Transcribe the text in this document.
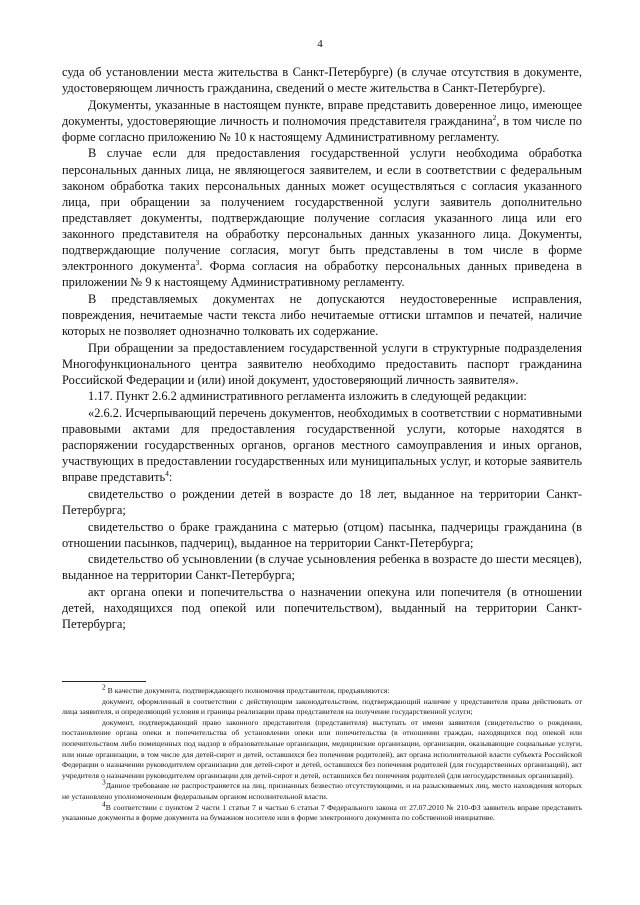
4

суда об установлении места жительства в Санкт-Петербурге) (в случае отсутствия в документе, удостоверяющем личность гражданина, сведений о месте жительства в Санкт-Петербурге).

Документы, указанные в настоящем пункте, вправе представить доверенное лицо, имеющее документы, удостоверяющие личность и полномочия представителя гражданина$^2$, в том числе по форме согласно приложению № 10 к настоящему Административному регламенту.

В случае если для предоставления государственной услуги необходима обработка персональных данных лица, не являющегося заявителем, и если в соответствии с федеральным законом обработка таких персональных данных может осуществляться с согласия указанного лица, при обращении за получением государственной услуги заявитель дополнительно представляет документы, подтверждающие получение согласия указанного лица или его законного представителя на обработку персональных данных указанного лица. Документы, подтверждающие получение согласия, могут быть представлены в том числе в форме электронного документа$^3$. Форма согласия на обработку персональных данных приведена в приложении № 9 к настоящему Административному регламенту.

В представляемых документах не допускаются неудостоверенные исправления, повреждения, нечитаемые части текста либо нечитаемые оттиски штампов и печатей, наличие которых не позволяет однозначно толковать их содержание.

При обращении за предоставлением государственной услуги в структурные подразделения Многофункционального центра заявителю необходимо предоставить паспорт гражданина Российской Федерации и (или) иной документ, удостоверяющий личность заявителя».

1.17. Пункт 2.6.2 административного регламента изложить в следующей редакции:

«2.6.2. Исчерпывающий перечень документов, необходимых в соответствии с нормативными правовыми актами для предоставления государственной услуги, которые находятся в распоряжении государственных органов, органов местного самоуправления и иных органов, участвующих в предоставлении государственных или муниципальных услуг, и которые заявитель вправе представить$^4$:

свидетельство о рождении детей в возрасте до 18 лет, выданное на территории Санкт-Петербурга;

свидетельство о браке гражданина с матерью (отцом) пасынка, падчерицы гражданина (в отношении пасынков, падчериц), выданное на территории Санкт-Петербурга;

свидетельство об усыновлении (в случае усыновления ребенка в возрасте до шести месяцев), выданное на территории Санкт-Петербурга;

акт органа опеки и попечительства о назначении опекуна или попечителя (в отношении детей, находящихся под опекой или попечительством), выданный на территории Санкт-Петербурга;

$^2$ В качестве документа, подтверждающего полномочия представителя, предъявляются:

документ, оформленный в соответствии с действующим законодательством, подтверждающий наличие у представителя права действовать от лица заявителя, и определяющий условия и границы реализации права представителя на получение государственной услуги;

документ, подтверждающий право законного представителя (представителя) выступать от имени заявителя (свидетельство о рождении, постановление органа опеки и попечительства об установлении опеки или попечительства (в отношении граждан, находящихся под опекой или попечительством либо помещенных под надзор в образовательные организации, медицинские организации, организации, оказывающие социальные услуги, или иные организации, в том числе для детей-сирот и детей, оставшихся без попечения родителей), акт органа исполнительной власти субъекта Российской Федерации о назначении руководителем организации для детей-сирот и детей, оставшихся без попечения родителей (для государственных организаций), акт учредителя о назначении руководителем организации для детей-сирот и детей, оставшихся без попечения родителей (для негосударственных организаций).

$^3$Данное требование не распространяется на лиц, признанных безвестно отсутствующими, и на разыскиваемых лиц, место нахождения которых не установлено уполномоченным федеральным органом исполнительной власти.

$^4$В соответствии с пунктом 2 части 1 статьи 7 и частью 6 статьи 7 Федерального закона от 27.07.2010 № 210-ФЗ заявитель вправе представить указанные документы в форме документа на бумажном носителе или в форме электронного документа по собственной инициативе.
